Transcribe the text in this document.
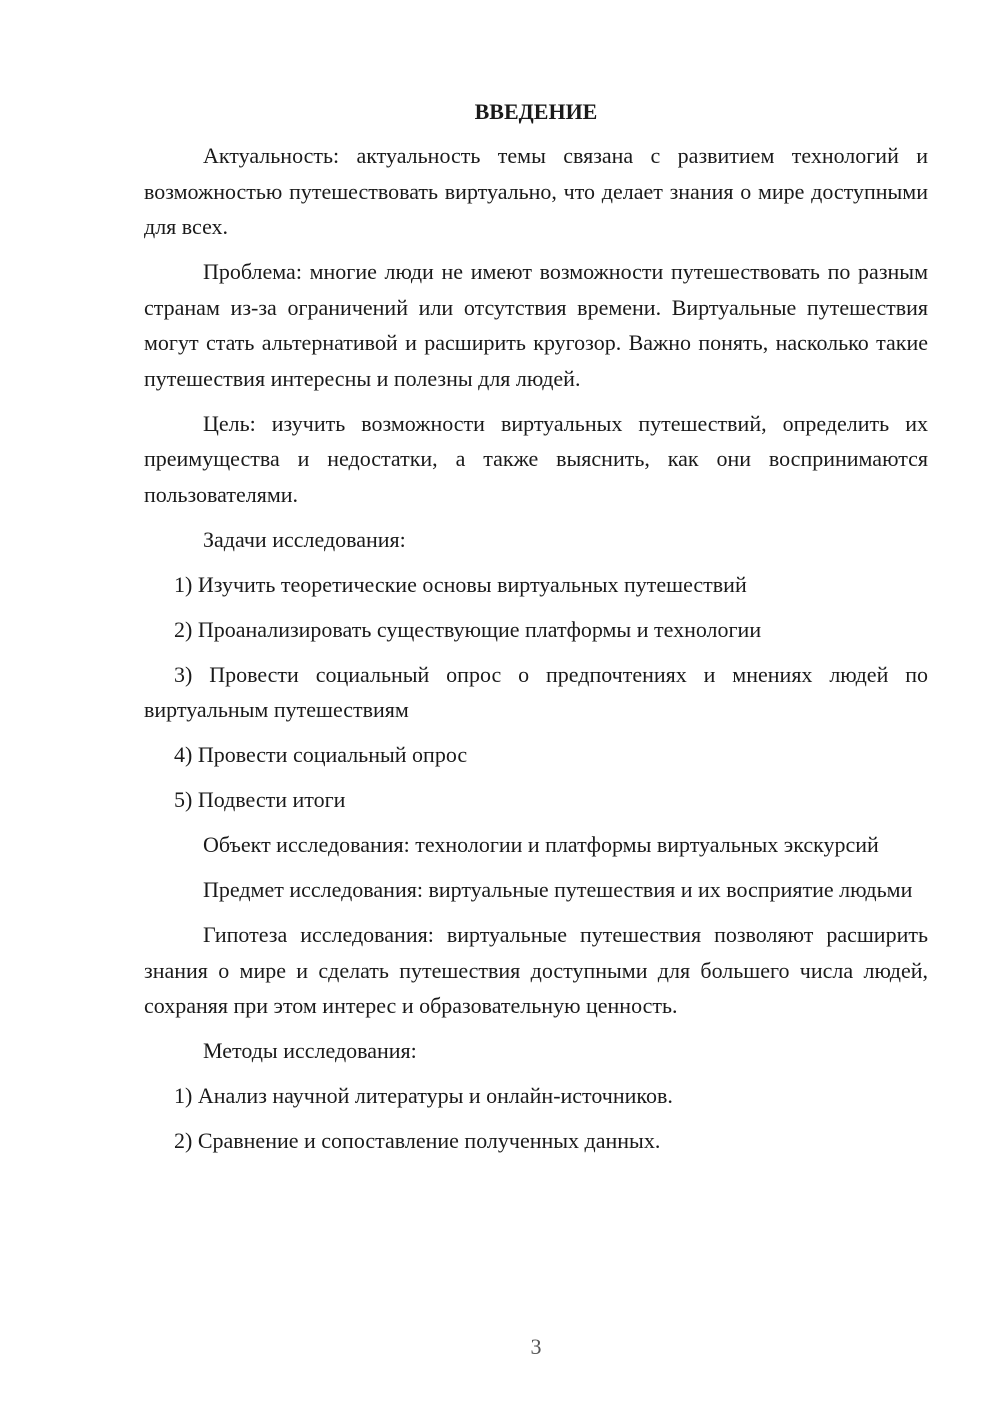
ВВЕДЕНИЕ

Актуальность: актуальность темы связана с развитием технологий и возможностью путешествовать виртуально, что делает знания о мире доступными для всех.

Проблема: многие люди не имеют возможности путешествовать по разным странам из-за ограничений или отсутствия времени. Виртуальные путешествия могут стать альтернативой и расширить кругозор. Важно понять, насколько такие путешествия интересны и полезны для людей.

Цель: изучить возможности виртуальных путешествий, определить их преимущества и недостатки, а также выяснить, как они воспринимаются пользователями.

Задачи исследования:

1) Изучить теоретические основы виртуальных путешествий

2) Проанализировать существующие платформы и технологии

3) Провести социальный опрос о предпочтениях и мнениях людей по виртуальным путешествиям

4) Провести социальный опрос

5) Подвести итоги

Объект исследования: технологии и платформы виртуальных экскурсий

Предмет исследования: виртуальные путешествия и их восприятие людьми

Гипотеза исследования: виртуальные путешествия позволяют расширить знания о мире и сделать путешествия доступными для большего числа людей, сохраняя при этом интерес и образовательную ценность.

Методы исследования:

1) Анализ научной литературы и онлайн-источников.

2) Сравнение и сопоставление полученных данных.

3
